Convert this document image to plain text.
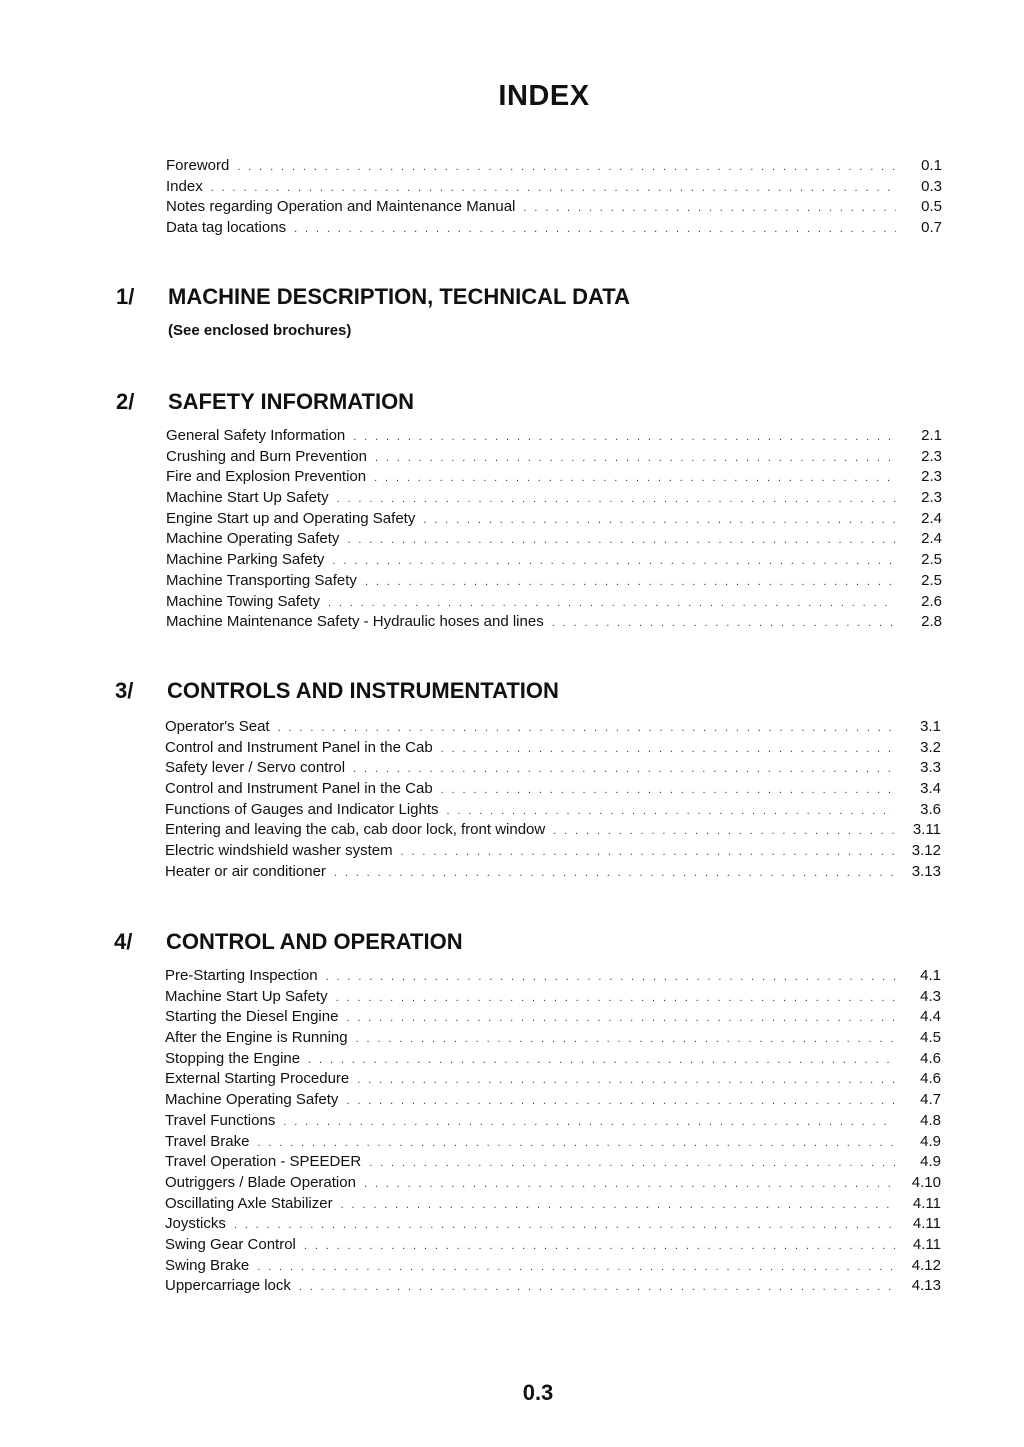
INDEX
Foreword . . .	0.1
Index . . .	0.3
Notes regarding Operation and Maintenance Manual . . .	0.5
Data tag locations . . .	0.7
1/	MACHINE DESCRIPTION, TECHNICAL DATA
(See enclosed brochures)
2/	SAFETY INFORMATION
General Safety Information . . .	2.1
Crushing and Burn Prevention . . .	2.3
Fire and Explosion Prevention . . .	2.3
Machine Start Up Safety . . .	2.3
Engine Start up and Operating Safety . . .	2.4
Machine Operating Safety . . .	2.4
Machine Parking Safety . . .	2.5
Machine Transporting Safety . . .	2.5
Machine Towing Safety . . .	2.6
Machine Maintenance Safety - Hydraulic hoses and lines . . .	2.8
3/	CONTROLS AND INSTRUMENTATION
Operator's Seat . . .	3.1
Control and Instrument Panel in the Cab . . .	3.2
Safety lever / Servo control . . .	3.3
Control and Instrument Panel in the Cab . . .	3.4
Functions of Gauges and Indicator Lights . . .	3.6
Entering and leaving the cab, cab door lock, front window . . .	3.11
Electric windshield washer system . . .	3.12
Heater or air conditioner . . .	3.13
4/	CONTROL AND OPERATION
Pre-Starting Inspection . . .	4.1
Machine Start Up Safety . . .	4.3
Starting the Diesel Engine . . .	4.4
After the Engine is Running . . .	4.5
Stopping the Engine . . .	4.6
External Starting Procedure . . .	4.6
Machine Operating Safety . . .	4.7
Travel Functions . . .	4.8
Travel Brake . . .	4.9
Travel Operation - SPEEDER . . .	4.9
Outriggers / Blade Operation . . .	4.10
Oscillating Axle Stabilizer . . .	4.11
Joysticks . . .	4.11
Swing Gear Control . . .	4.11
Swing Brake . . .	4.12
Uppercarriage lock . . .	4.13
0.3
